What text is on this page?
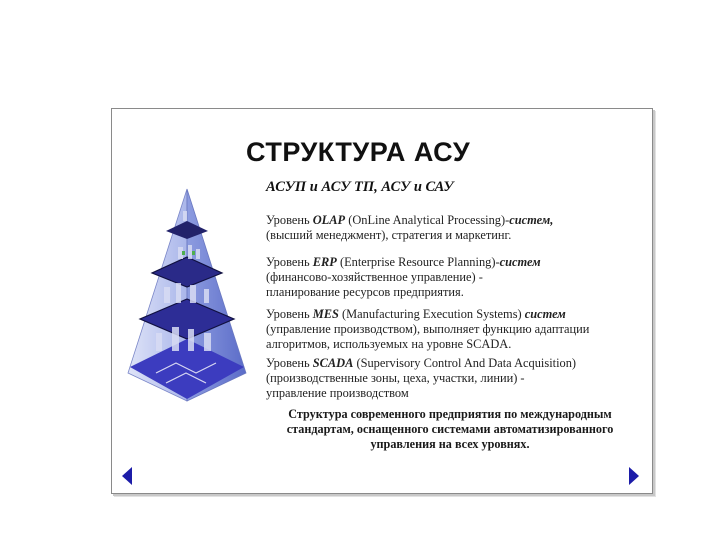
СТРУКТУРА АСУ
АСУП и АСУ ТП, АСУ и САУ
Уровень OLAP (OnLine Analytical Processing)-систем,
(высший менеджмент), стратегия и маркетинг.
Уровень ERP (Enterprise Resource Planning)-систем
(финансово-хозяйственное управление) - планирование ресурсов предприятия.
Уровень MES (Manufacturing Execution Systems) систем
(управление производством), выполняет функцию адаптации алгоритмов, используемых на уровне SCADA.
Уровень SCADA (Supervisory Control And Data Acquisition)
(производственные зоны, цеха, участки, линии) - управление производством
Структура современного предприятия по международным стандартам, оснащенного системами автоматизированного управления на всех уровнях.
